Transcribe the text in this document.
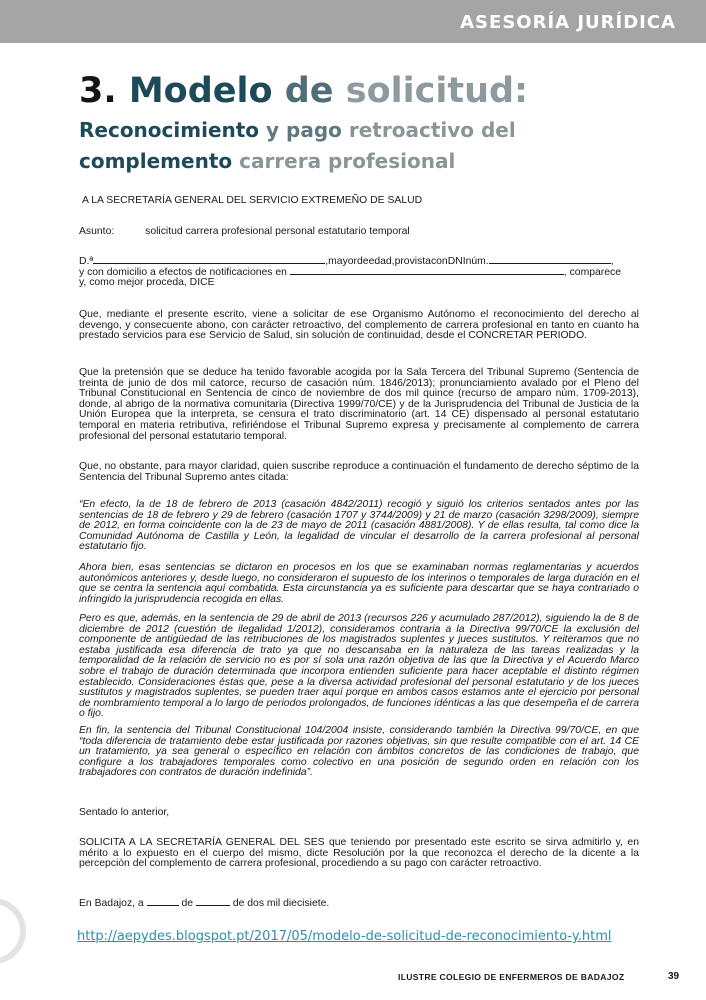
ASESORÍA JURÍDICA
3. Modelo de solicitud:
Reconocimiento y pago retroactivo del
complemento carrera profesional

A LA SECRETARÍA GENERAL DEL SERVICIO EXTREMEÑO DE SALUD

Asunto:	solicitud carrera profesional personal estatutario temporal
D.ª	,mayordeedad,provistaconDNInúm.	,
y con domicilio a efectos de notificaciones en	, comparece
y, como mejor proceda, DICE

Que, mediante el presente escrito, viene a solicitar de ese Organismo Autónomo el reconocimiento del derecho al devengo, y consecuente abono, con carácter retroactivo, del complemento de carrera profesional en tanto en cuanto ha prestado servicios para ese Servicio de Salud, sin solución de continuidad, desde el CONCRETAR PERIODO.

Que la pretensión que se deduce ha tenido favorable acogida por la Sala Tercera del Tribunal Supremo (Sentencia de treinta de junio de dos mil catorce, recurso de casación núm. 1846/2013); pronunciamiento avalado por el Pleno del Tribunal Constitucional en Sentencia de cinco de noviembre de dos mil quince (recurso de amparo núm. 1709-2013), donde, al abrigo de la normativa comunitaria (Directiva 1999/70/CE) y de la Jurisprudencia del Tribunal de Justicia de la Unión Europea que la interpreta, se censura el trato discriminatorio (art. 14 CE) dispensado al personal estatutario temporal en materia retributiva, refiriéndose el Tribunal Supremo expresa y precisamente al complemento de carrera profesional del personal estatutario temporal.

Que, no obstante, para mayor claridad, quien suscribe reproduce a continuación el fundamento de derecho séptimo de la Sentencia del Tribunal Supremo antes citada:

“En efecto, la de 18 de febrero de 2013 (casación 4842/2011) recogió y siguió los criterios sentados antes por las sentencias de 18 de febrero y 29 de febrero (casación 1707 y 3744/2009) y 21 de marzo (casación 3298/2009), siempre de 2012, en forma coincidente con la de 23 de mayo de 2011 (casación 4881/2008). Y de ellas resulta, tal como dice la Comunidad Autónoma de Castilla y León, la legalidad de vincular el desarrollo de la carrera profesional al personal estatutario fijo.

Ahora bien, esas sentencias se dictaron en procesos en los que se examinaban normas reglamentarias y acuerdos autonómicos anteriores y, desde luego, no consideraron el supuesto de los interinos o temporales de larga duración en el que se centra la sentencia aquí combatida. Esta circunstancia ya es suficiente para descartar que se haya contrariado o infringido la jurisprudencia recogida en ellas.

Pero es que, además, en la sentencia de 29 de abril de 2013 (recursos 226 y acumulado 287/2012), siguiendo la de 8 de diciembre de 2012 (cuestión de ilegalidad 1/2012), consideramos contraria a la Directiva 99/70/CE la exclusión del componente de antigüedad de las retribuciones de los magistrados suplentes y jueces sustitutos. Y reiteramos que no estaba justificada esa diferencia de trato ya que no descansaba en la naturaleza de las tareas realizadas y la temporalidad de la relación de servicio no es por sí sola una razón objetiva de las que la Directiva y el Acuerdo Marco sobre el trabajo de duración determinada que incorpora entienden suficiente para hacer aceptable el distinto régimen establecido. Consideraciones éstas que, pese a la diversa actividad profesional del personal estatutario y de los jueces sustitutos y magistrados suplentes, se pueden traer aquí porque en ambos casos estamos ante el ejercicio por personal de nombramiento temporal a lo largo de periodos prolongados, de funciones idénticas a las que desempeña el de carrera o fijo.

En fin, la sentencia del Tribunal Constitucional 104/2004 insiste, considerando también la Directiva 99/70/CE, en que “toda diferencia de tratamiento debe estar justificada por razones objetivas, sin que resulte compatible con el art. 14 CE un tratamiento, ya sea general o específico en relación con ámbitos concretos de las condiciones de trabajo, que configure a los trabajadores temporales como colectivo en una posición de segundo orden en relación con los trabajadores con contratos de duración indefinida”.

Sentado lo anterior,

SOLICITA A LA SECRETARÍA GENERAL DEL SES que teniendo por presentado este escrito se sirva admitirlo y, en mérito a lo expuesto en el cuerpo del mismo, dicte Resolución por la que reconozca el derecho de la dicente a la percepción del complemento de carrera profesional, procediendo a su pago con carácter retroactivo.

En Badajoz, a	de	de dos mil diecisiete.
http://aepydes.blogspot.pt/2017/05/modelo-de-solicitud-de-reconocimiento-y.html
ILUSTRE COLEGIO DE ENFERMEROS DE BADAJOZ	39
